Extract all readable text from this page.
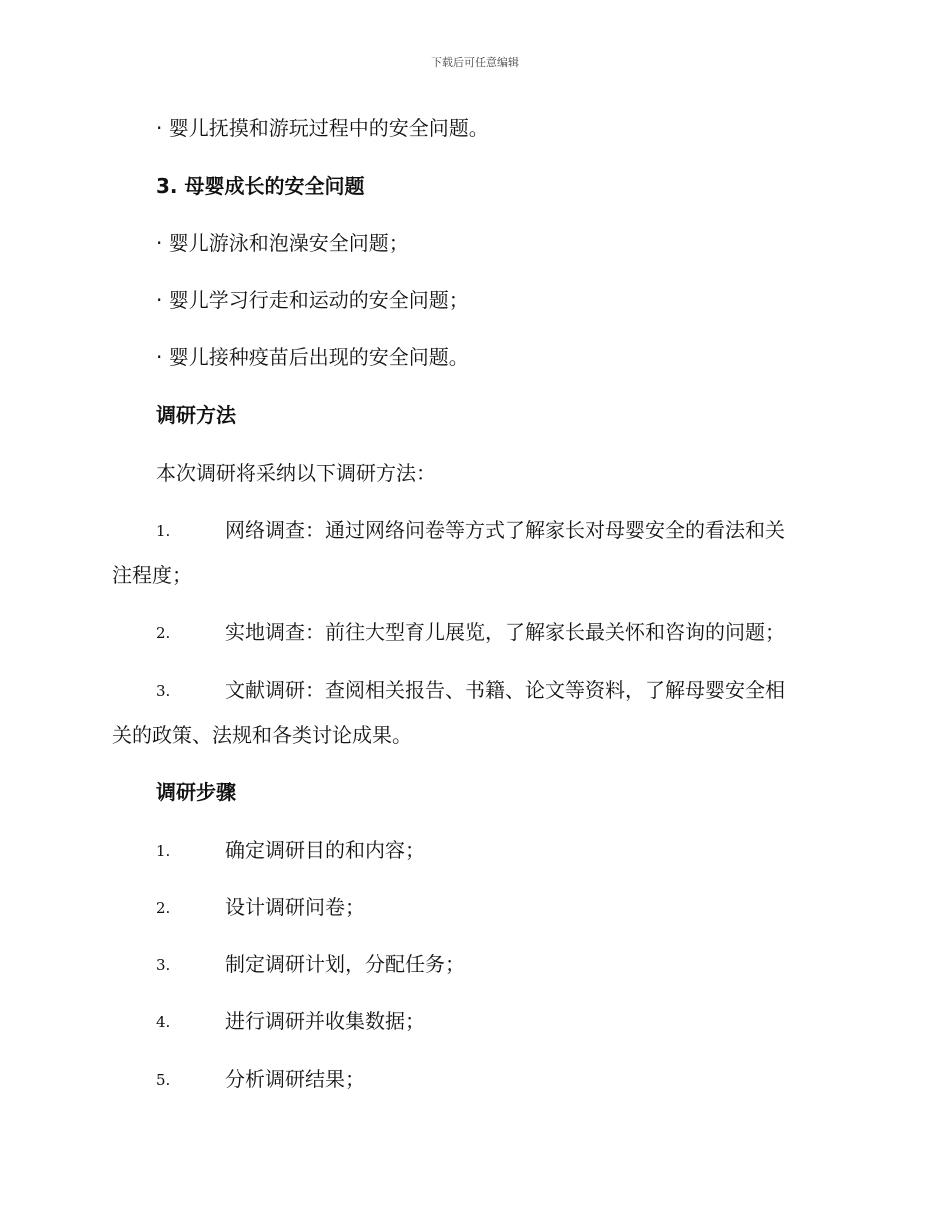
下载后可任意编辑
· 婴儿抚摸和游玩过程中的安全问题。
3. 母婴成长的安全问题
· 婴儿游泳和泡澡安全问题；
· 婴儿学习行走和运动的安全问题；
· 婴儿接种疫苗后出现的安全问题。
调研方法
本次调研将采纳以下调研方法：
1.	网络调查：通过网络问卷等方式了解家长对母婴安全的看法和关
注程度；
2.	实地调查：前往大型育儿展览，了解家长最关怀和咨询的问题；
3.	文献调研：查阅相关报告、书籍、论文等资料，了解母婴安全相
关的政策、法规和各类讨论成果。
调研步骤
1.	确定调研目的和内容；
2.	设计调研问卷；
3.	制定调研计划，分配任务；
4.	进行调研并收集数据；
5.	分析调研结果；
